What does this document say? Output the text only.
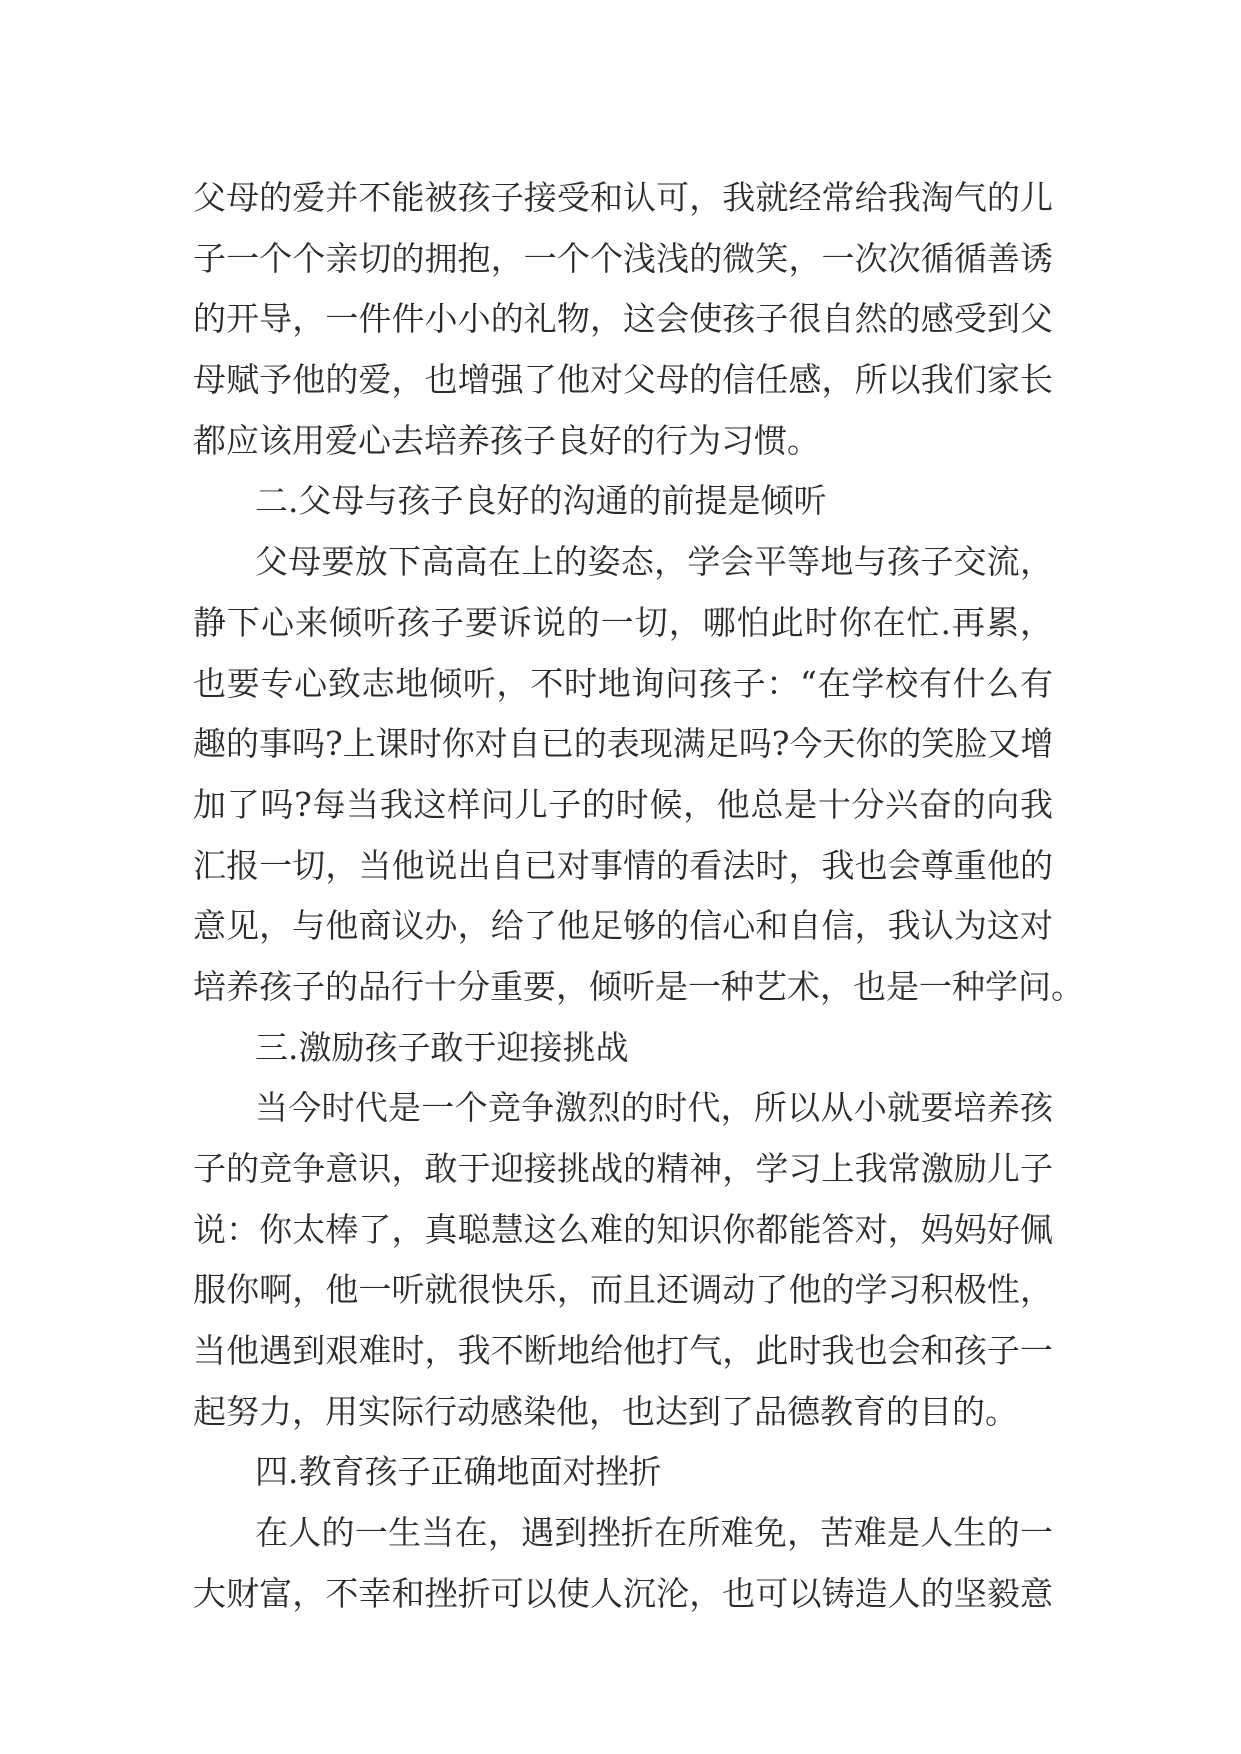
父母的爱并不能被孩子接受和认可，我就经常给我淘气的儿
子一个个亲切的拥抱，一个个浅浅的微笑，一次次循循善诱
的开导，一件件小小的礼物，这会使孩子很自然的感受到父
母赋予他的爱，也增强了他对父母的信任感，所以我们家长
都应该用爱心去培养孩子良好的行为习惯。
二.父母与孩子良好的沟通的前提是倾听
父母要放下高高在上的姿态，学会平等地与孩子交流，
静下心来倾听孩子要诉说的一切，哪怕此时你在忙.再累，
也要专心致志地倾听，不时地询问孩子：“在学校有什么有
趣的事吗?上课时你对自已的表现满足吗?今天你的笑脸又增
加了吗?每当我这样问儿子的时候，他总是十分兴奋的向我
汇报一切，当他说出自已对事情的看法时，我也会尊重他的
意见，与他商议办，给了他足够的信心和自信，我认为这对
培养孩子的品行十分重要，倾听是一种艺术，也是一种学问。
三.激励孩子敢于迎接挑战
当今时代是一个竞争激烈的时代，所以从小就要培养孩
子的竞争意识，敢于迎接挑战的精神，学习上我常激励儿子
说：你太棒了，真聪慧这么难的知识你都能答对，妈妈好佩
服你啊，他一听就很快乐，而且还调动了他的学习积极性，
当他遇到艰难时，我不断地给他打气，此时我也会和孩子一
起努力，用实际行动感染他，也达到了品德教育的目的。
四.教育孩子正确地面对挫折
在人的一生当在，遇到挫折在所难免，苦难是人生的一
大财富，不幸和挫折可以使人沉沦，也可以铸造人的坚毅意
